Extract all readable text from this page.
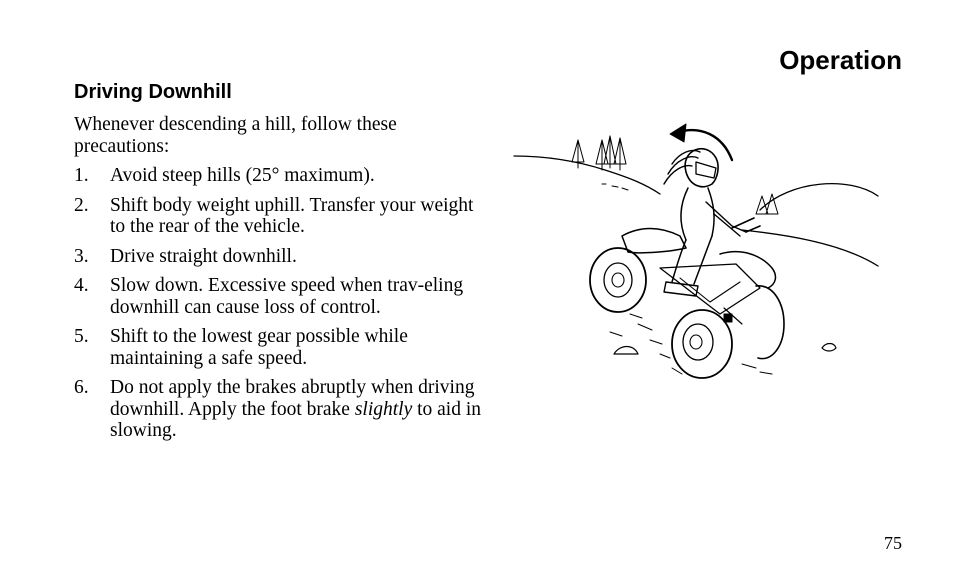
Operation
Driving Downhill

Whenever descending a hill, follow these precautions:

1. Avoid steep hills (25° maximum).
2. Shift body weight uphill. Transfer your weight to the rear of the vehicle.
3. Drive straight downhill.
4. Slow down. Excessive speed when trav-eling downhill can cause loss of control.
5. Shift to the lowest gear possible while maintaining a safe speed.
6. Do not apply the brakes abruptly when driving downhill. Apply the foot brake slightly to aid in slowing.
75
